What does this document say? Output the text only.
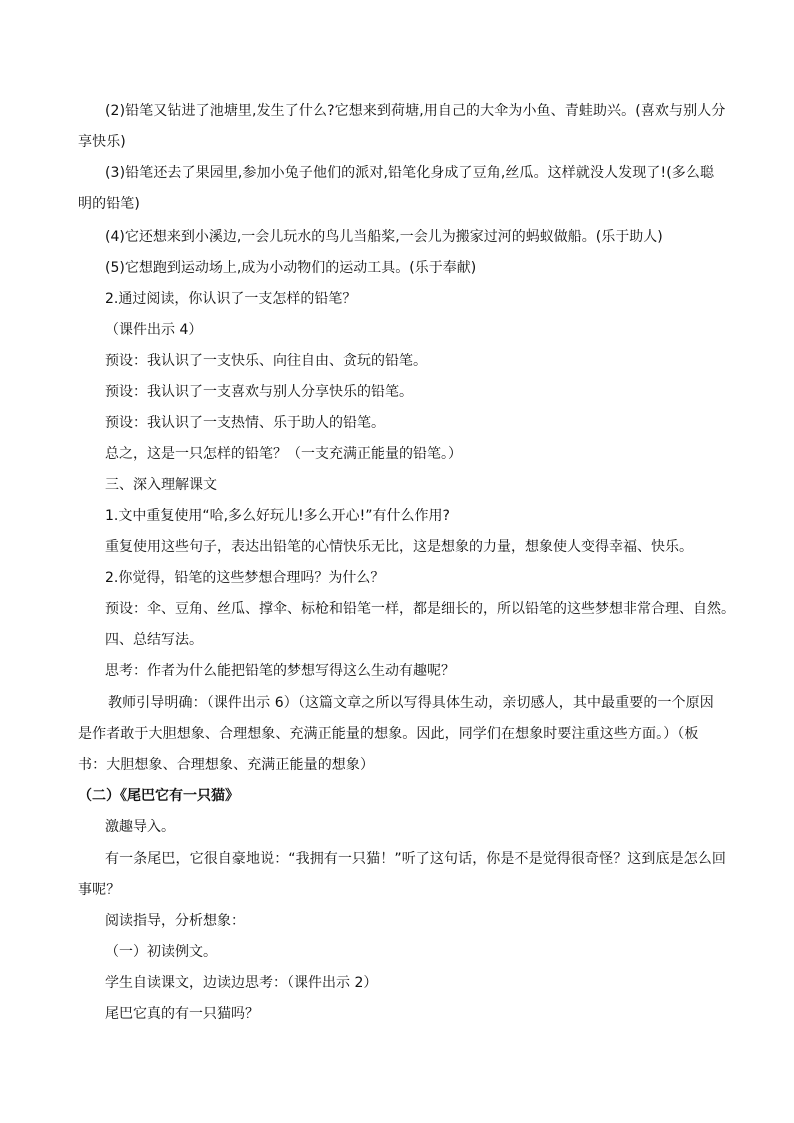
(2)铅笔又钻进了池塘里,发生了什么?它想来到荷塘,用自己的大伞为小鱼、青蛙助兴。(喜欢与别人分享快乐)
(3)铅笔还去了果园里,参加小兔子他们的派对,铅笔化身成了豆角,丝瓜。这样就没人发现了!(多么聪明的铅笔)
(4)它还想来到小溪边,一会儿玩水的鸟儿当船桨,一会儿为搬家过河的蚂蚁做船。(乐于助人)
(5)它想跑到运动场上,成为小动物们的运动工具。(乐于奉献)
2.通过阅读，你认识了一支怎样的铅笔？
（课件出示 4）
预设：我认识了一支快乐、向往自由、贪玩的铅笔。
预设：我认识了一支喜欢与别人分享快乐的铅笔。
预设：我认识了一支热情、乐于助人的铅笔。
总之，这是一只怎样的铅笔？（一支充满正能量的铅笔。）
三、深入理解课文
1.文中重复使用“哈,多么好玩儿!多么开心!”有什么作用?
重复使用这些句子，表达出铅笔的心情快乐无比，这是想象的力量，想象使人变得幸福、快乐。
2.你觉得，铅笔的这些梦想合理吗？为什么？
预设：伞、豆角、丝瓜、撑伞、标枪和铅笔一样，都是细长的，所以铅笔的这些梦想非常合理、自然。
四、总结写法。
思考：作者为什么能把铅笔的梦想写得这么生动有趣呢？
教师引导明确：（课件出示 6）（这篇文章之所以写得具体生动，亲切感人，其中最重要的一个原因是作者敢于大胆想象、合理想象、充满正能量的想象。因此，同学们在想象时要注重这些方面。）（板书：大胆想象、合理想象、充满正能量的想象）
（二）《尾巴它有一只猫》
激趣导入。
有一条尾巴，它很自豪地说：“我拥有一只猫！”听了这句话，你是不是觉得很奇怪？这到底是怎么回事呢？
阅读指导，分析想象：
（一）初读例文。
学生自读课文，边读边思考：（课件出示 2）
尾巴它真的有一只猫吗？
